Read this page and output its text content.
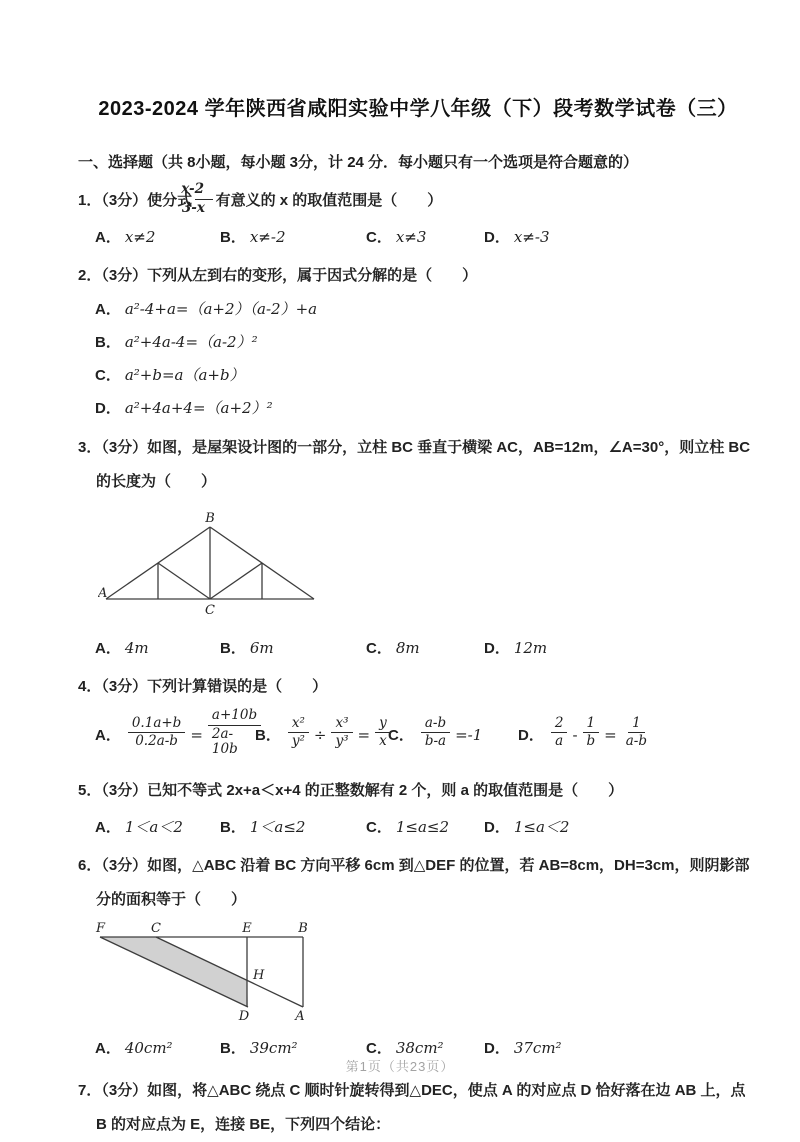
2023-2024 学年陕西省咸阳实验中学八年级（下）段考数学试卷（三）
一、选择题（共 8小题，每小题 3分，计 24 分．每小题只有一个选项是符合题意的）

1．（3分）使分式 $\frac{x-2}{3-x}$ 有意义的 x 的取值范围是（　　）

A． x≠2	B． x≠-2	C． x≠3	D． x≠-3

2．（3分）下列从左到右的变形，属于因式分解的是（　　）

A． a²-4+a=（a+2）（a-2）+a
B． a²+4a-4=（a-2）²
C． a²+b=a（a+b）
D． a²+4a+4=（a+2）²

3．（3分）如图，是屋架设计图的一部分，立柱 BC 垂直于横梁 AC，AB=12m，∠A=30°，则立柱 BC 的长度为（　　）

B
A
C
A． 4m	B． 6m	C． 8m	D． 12m

4．（3分）下列计算错误的是（　　）

A． $\frac{0.1a+b}{0.2a-b} = \frac{a+10b}{2a-10b}$
B． $\frac{\text{x²}}{\text{y²}} \div \frac{\text{x³}}{\text{y³}} = \frac{y}{x}$
C． $\frac{a-b}{b-a} =-1$ D． $\frac{2}{a} - \frac{1}{b} = \frac{1}{a-b}$

5．（3分）已知不等式 2x+a＜x+4 的正整数解有 2 个，则 a 的取值范围是（　　）

A． 1＜a＜2	B． 1＜a≤2	C． 1≤a≤2	D． 1≤a＜2

6．（3分）如图，△ABC 沿着 BC 方向平移 6cm 到△DEF 的位置，若 AB=8cm，DH=3cm，则阴影部分的面积等于（　　）

F	C	E	B
H
D	A
A． 40cm²	B． 39cm²	C． 38cm²	D． 37cm²

7．（3分）如图，将△ABC 绕点 C 顺时针旋转得到△DEC，使点 A 的对应点 D 恰好落在边 AB 上，点 B 的对应点为 E，连接 BE，下列四个结论：

第1页（共23页）
